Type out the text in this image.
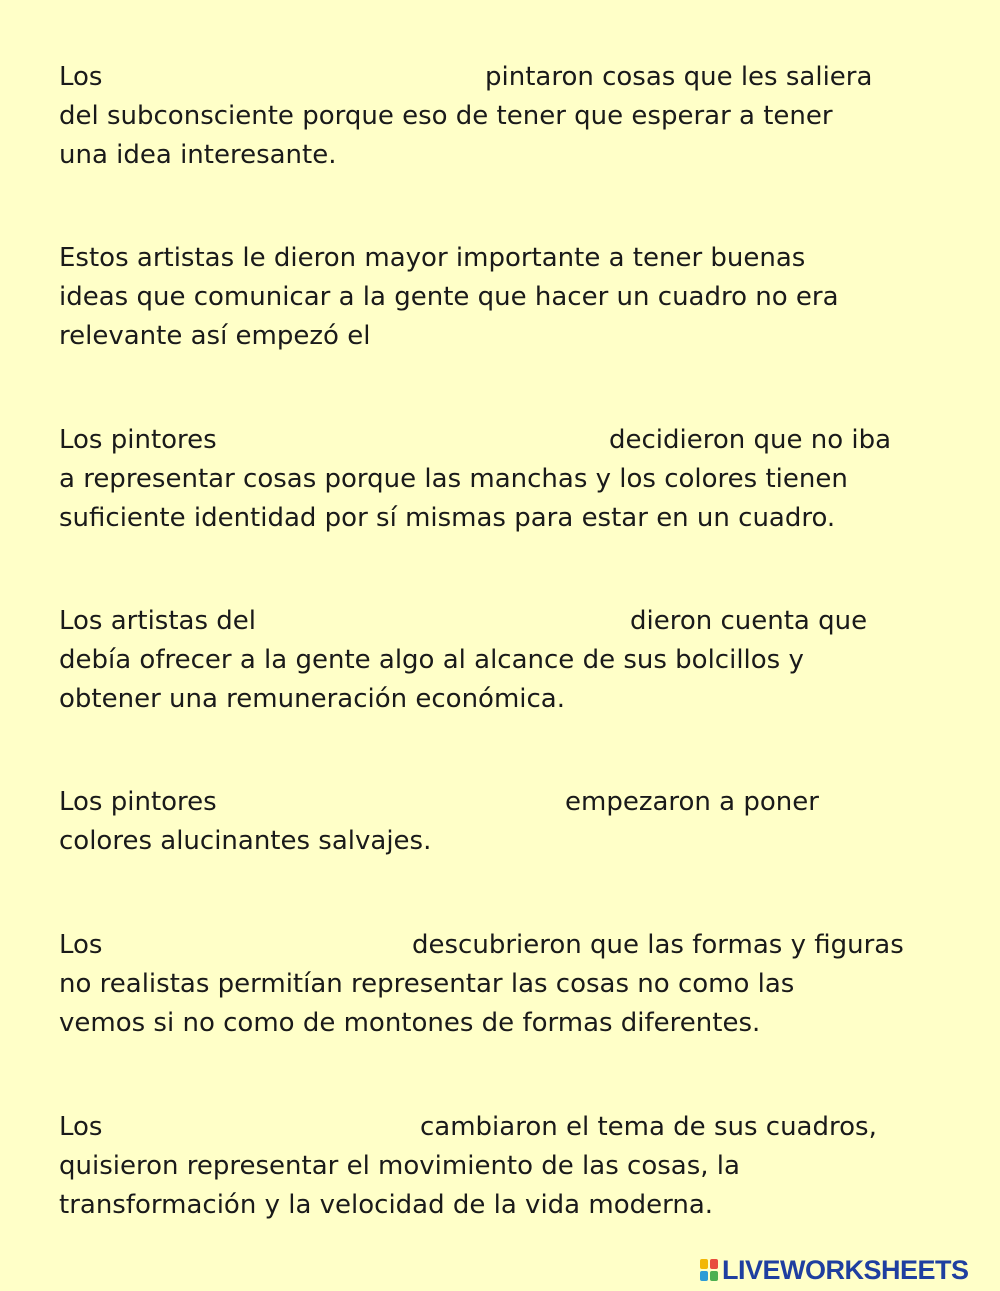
Los	pintaron cosas que les saliera
del subconsciente porque eso de tener que esperar a tener
una idea interesante.
Estos artistas le dieron mayor importante a tener buenas
ideas que comunicar a la gente que hacer un cuadro no era
relevante así empezó el
Los pintores	decidieron que no iba
a representar cosas porque las manchas y los colores tienen
suficiente identidad por sí mismas para estar en un cuadro.
Los artistas del	dieron cuenta que
debía ofrecer a la gente algo al alcance de sus bolcillos y
obtener una remuneración económica.
Los pintores	empezaron a poner
colores alucinantes salvajes.
Los	descubrieron que las formas y figuras
no realistas permitían representar las cosas no como las
vemos si no como de montones de formas diferentes.
Los	cambiaron el tema de sus cuadros,
quisieron representar el movimiento de las cosas, la
transformación y la velocidad de la vida moderna.
LIVEWORKSHEETS
